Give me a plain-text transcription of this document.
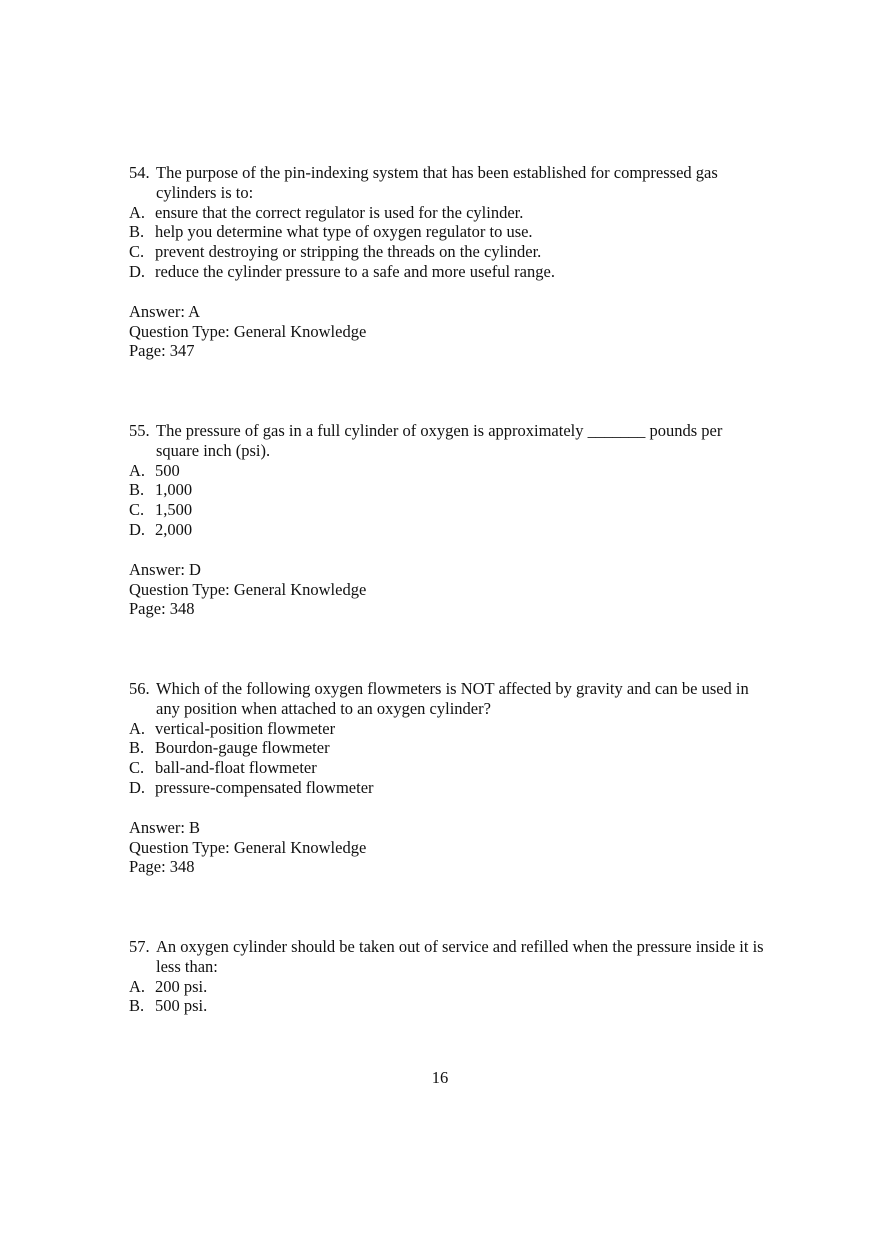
54. The purpose of the pin-indexing system that has been established for compressed gas cylinders is to:
A. ensure that the correct regulator is used for the cylinder.
B. help you determine what type of oxygen regulator to use.
C. prevent destroying or stripping the threads on the cylinder.
D. reduce the cylinder pressure to a safe and more useful range.
Answer: A
Question Type: General Knowledge
Page: 347
55. The pressure of gas in a full cylinder of oxygen is approximately _______ pounds per square inch (psi).
A. 500
B. 1,000
C. 1,500
D. 2,000
Answer: D
Question Type: General Knowledge
Page: 348
56. Which of the following oxygen flowmeters is NOT affected by gravity and can be used in any position when attached to an oxygen cylinder?
A. vertical-position flowmeter
B. Bourdon-gauge flowmeter
C. ball-and-float flowmeter
D. pressure-compensated flowmeter
Answer: B
Question Type: General Knowledge
Page: 348
57. An oxygen cylinder should be taken out of service and refilled when the pressure inside it is less than:
A. 200 psi.
B. 500 psi.
16
